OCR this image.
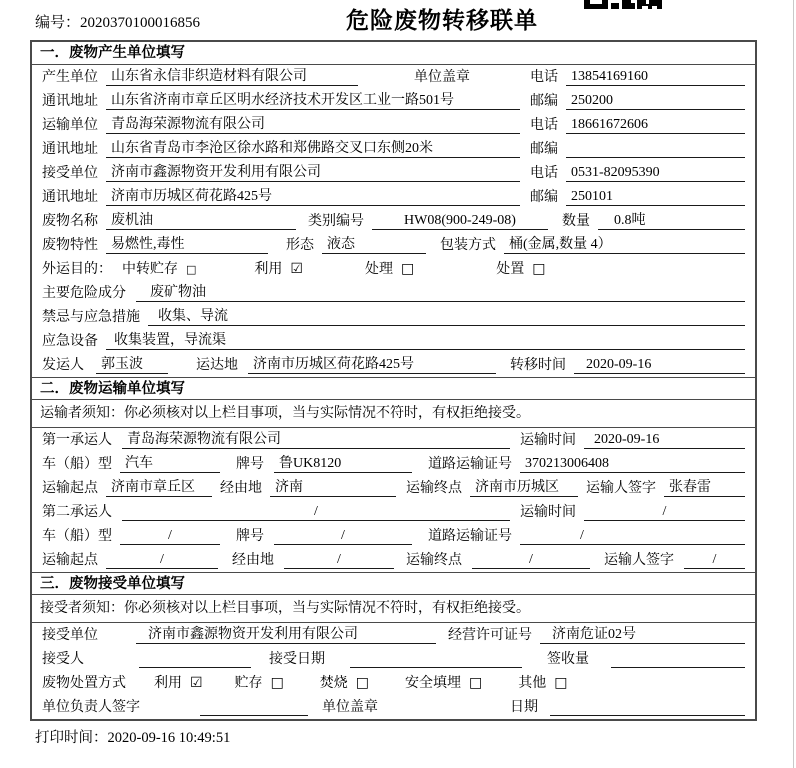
编号：2020370100016856	危险废物转移联单
一．废物产生单位填写
产生单位 山东省永信非织造材料有限公司	单位盖章	电话 13854169160
通讯地址 山东省济南市章丘区明水经济技术开发区工业一路501号	邮编 250200
运输单位 青岛海荣源物流有限公司	电话 18661672606
通讯地址 山东省青岛市李沧区徐水路和郑佛路交叉口东侧20米	邮编
接受单位 济南市鑫源物资开发利用有限公司	电话 0531-82095390
通讯地址 济南市历城区荷花路425号	邮编 250101
废物名称 废机油	类别编号	HW08(900-249-08)	数量	0.8吨
废物特性 易燃性,毒性	形态 液态	包装方式 桶(金属,数量 4）
外运目的： 中转贮存 □	利用 ☑	处理 □	处置 □
主要危险成分	废矿物油
禁忌与应急措施	收集、导流
应急设备	收集装置，导流渠
发运人	郭玉波	运达地	济南市历城区荷花路425号	转移时间	2020-09-16
二．废物运输单位填写
运输者须知：你必须核对以上栏目事项，当与实际情况不符时，有权拒绝接受。
第一承运人	青岛海荣源物流有限公司	运输时间	2020-09-16
车（船）型 汽车	牌号	鲁UK8120	道路运输证号 370213006408
运输起点 济南市章丘区	经由地 济南	运输终点 济南市历城区	运输人签字 张春雷
第二承运人	/	运输时间	/
车（船）型	/	牌号	/	道路运输证号	/
运输起点	/	经由地	/	运输终点	/	运输人签字	/
三．废物接受单位填写
接受者须知：你必须核对以上栏目事项，当与实际情况不符时，有权拒绝接受。
接受单位	济南市鑫源物资开发利用有限公司	经营许可证号	济南危证02号
接受人	接受日期	签收量
废物处置方式 利用 ☑ 贮存 □	焚烧 □	安全填埋 □	其他 □
单位负责人签字	单位盖章	日期
打印时间：2020-09-16 10:49:51
